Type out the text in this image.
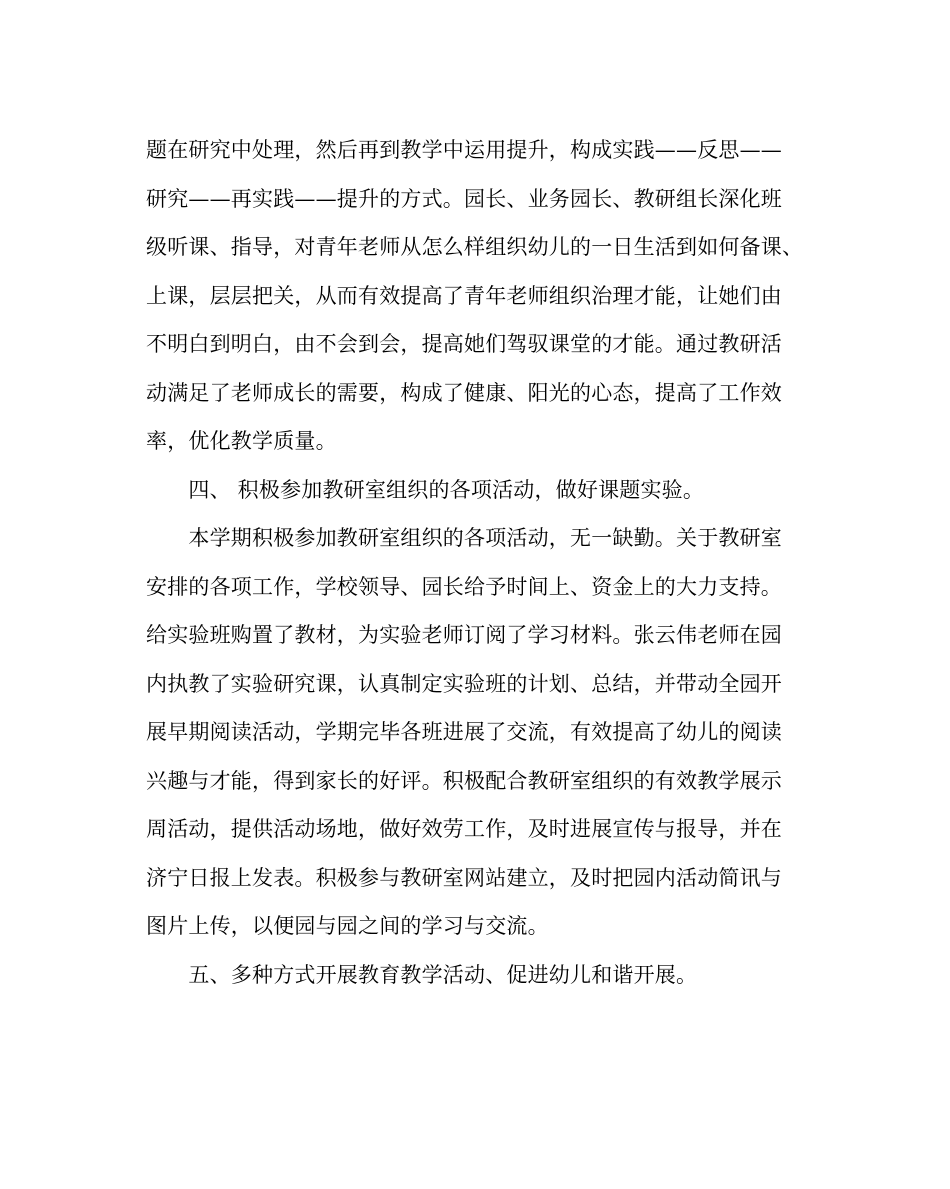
题在研究中处理，然后再到教学中运用提升，构成实践——反思——
研究——再实践——提升的方式。园长、业务园长、教研组长深化班
级听课、指导，对青年老师从怎么样组织幼儿的一日生活到如何备课、
上课，层层把关，从而有效提高了青年老师组织治理才能，让她们由
不明白到明白，由不会到会，提高她们驾驭课堂的才能。通过教研活
动满足了老师成长的需要，构成了健康、阳光的心态，提高了工作效
率，优化教学质量。
　　四、 积极参加教研室组织的各项活动，做好课题实验。
　　本学期积极参加教研室组织的各项活动，无一缺勤。关于教研室
安排的各项工作，学校领导、园长给予时间上、资金上的大力支持。
给实验班购置了教材，为实验老师订阅了学习材料。张云伟老师在园
内执教了实验研究课，认真制定实验班的计划、总结，并带动全园开
展早期阅读活动，学期完毕各班进展了交流，有效提高了幼儿的阅读
兴趣与才能，得到家长的好评。积极配合教研室组织的有效教学展示
周活动，提供活动场地，做好效劳工作，及时进展宣传与报导，并在
济宁日报上发表。积极参与教研室网站建立，及时把园内活动简讯与
图片上传，以便园与园之间的学习与交流。
　　五、多种方式开展教育教学活动、促进幼儿和谐开展。
